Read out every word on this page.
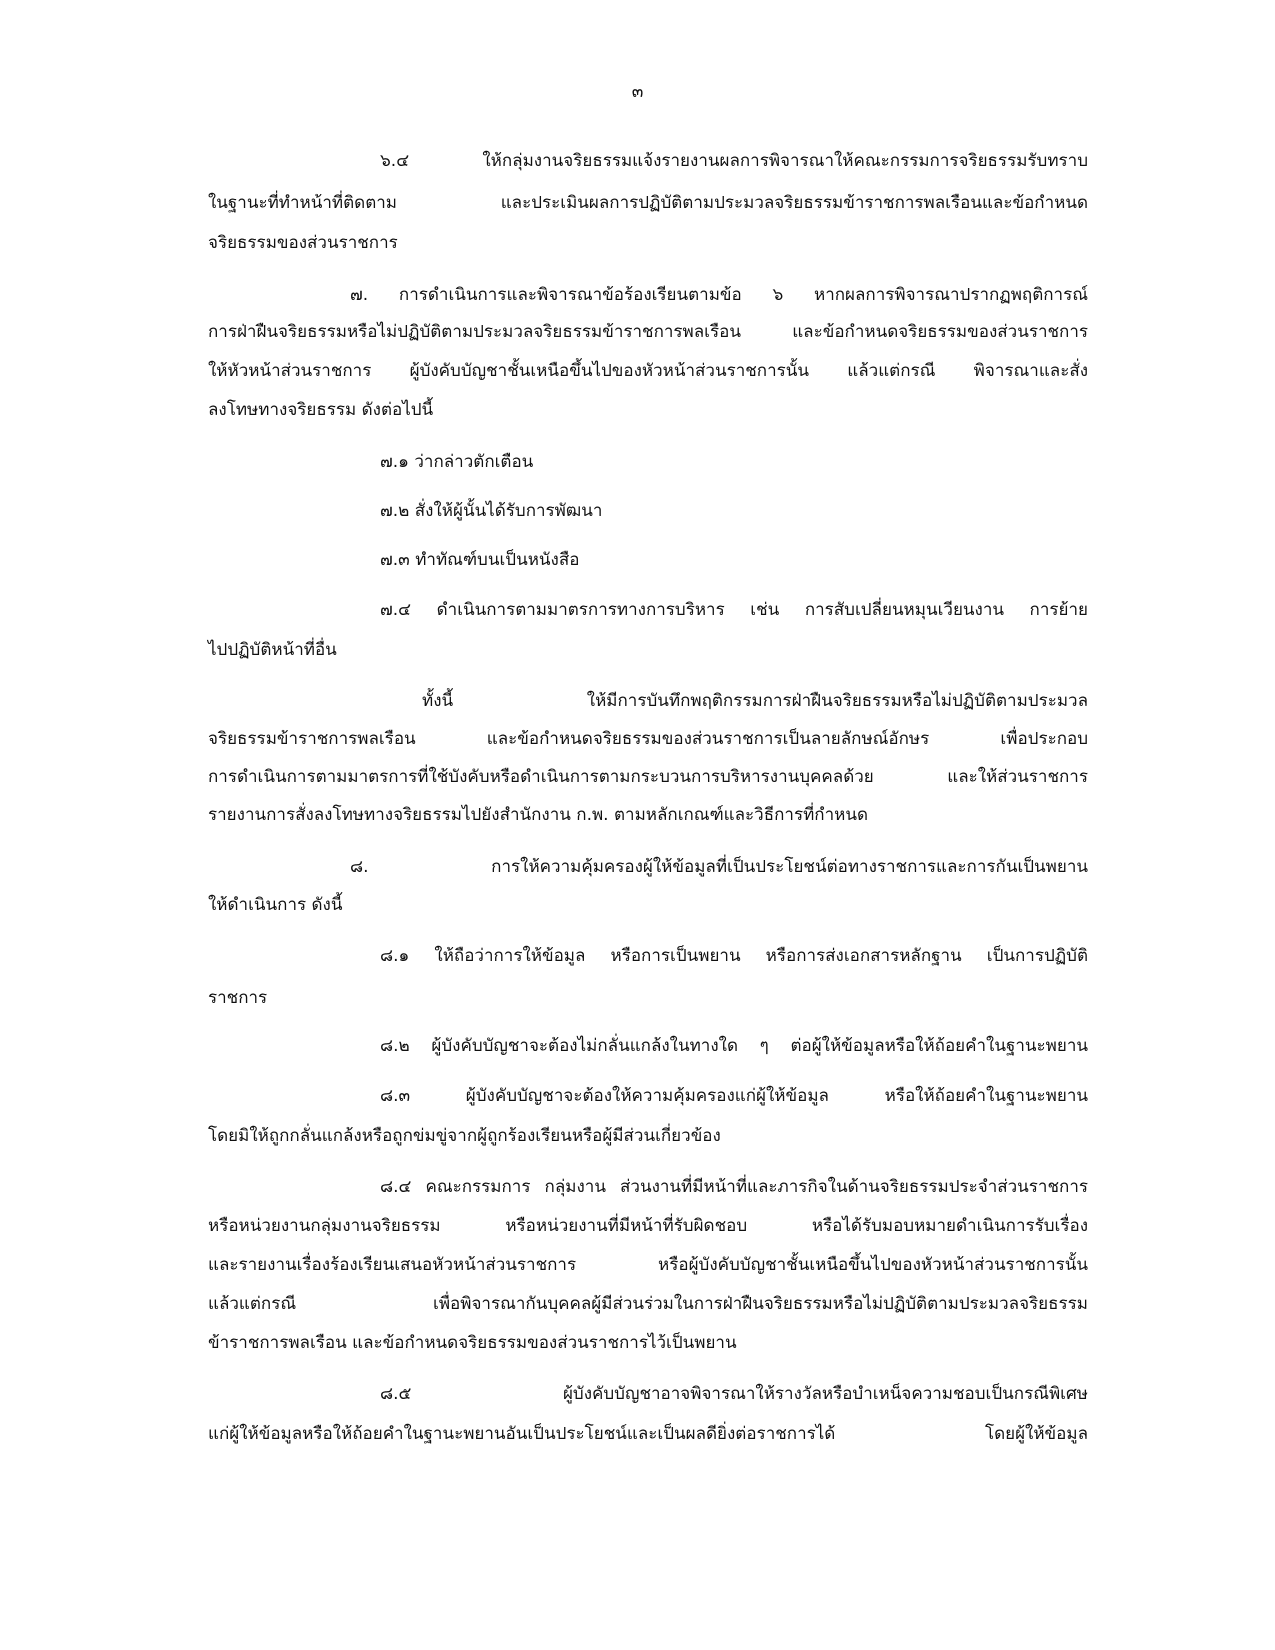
๓
๖.๔ ให้กลุ่มงานจริยธรรมแจ้งรายงานผลการพิจารณาให้คณะกรรมการจริยธรรมรับทราบ
ในฐานะที่ทำหน้าที่ติดตาม และประเมินผลการปฏิบัติตามประมวลจริยธรรมข้าราชการพลเรือนและข้อกำหนด
จริยธรรมของส่วนราชการ
๗. การดำเนินการและพิจารณาข้อร้องเรียนตามข้อ ๖ หากผลการพิจารณาปรากฏพฤติการณ์
การฝ่าฝืนจริยธรรมหรือไม่ปฏิบัติตามประมวลจริยธรรมข้าราชการพลเรือน และข้อกำหนดจริยธรรมของส่วนราชการ
ให้หัวหน้าส่วนราชการ ผู้บังคับบัญชาชั้นเหนือขึ้นไปของหัวหน้าส่วนราชการนั้น แล้วแต่กรณี พิจารณาและสั่ง
ลงโทษทางจริยธรรม ดังต่อไปนี้
๗.๑ ว่ากล่าวตักเตือน
๗.๒ สั่งให้ผู้นั้นได้รับการพัฒนา
๗.๓ ทำทัณฑ์บนเป็นหนังสือ
๗.๔ ดำเนินการตามมาตรการทางการบริหาร เช่น การสับเปลี่ยนหมุนเวียนงาน การย้าย
ไปปฏิบัติหน้าที่อื่น
ทั้งนี้ ให้มีการบันทึกพฤติกรรมการฝ่าฝืนจริยธรรมหรือไม่ปฏิบัติตามประมวล
จริยธรรมข้าราชการพลเรือน และข้อกำหนดจริยธรรมของส่วนราชการเป็นลายลักษณ์อักษร เพื่อประกอบ
การดำเนินการตามมาตรการที่ใช้บังคับหรือดำเนินการตามกระบวนการบริหารงานบุคคลด้วย และให้ส่วนราชการ
รายงานการสั่งลงโทษทางจริยธรรมไปยังสำนักงาน ก.พ. ตามหลักเกณฑ์และวิธีการที่กำหนด
๘. การให้ความคุ้มครองผู้ให้ข้อมูลที่เป็นประโยชน์ต่อทางราชการและการกันเป็นพยาน
ให้ดำเนินการ ดังนี้
๘.๑ ให้ถือว่าการให้ข้อมูล หรือการเป็นพยาน หรือการส่งเอกสารหลักฐาน เป็นการปฏิบัติ
ราชการ
๘.๒ ผู้บังคับบัญชาจะต้องไม่กลั่นแกล้งในทางใด ๆ ต่อผู้ให้ข้อมูลหรือให้ถ้อยคำในฐานะพยาน
๘.๓ ผู้บังคับบัญชาจะต้องให้ความคุ้มครองแก่ผู้ให้ข้อมูล หรือให้ถ้อยคำในฐานะพยาน
โดยมิให้ถูกกลั่นแกล้งหรือถูกข่มขู่จากผู้ถูกร้องเรียนหรือผู้มีส่วนเกี่ยวข้อง
๘.๔ คณะกรรมการ กลุ่มงาน ส่วนงานที่มีหน้าที่และภารกิจในด้านจริยธรรมประจำส่วนราชการ
หรือหน่วยงานกลุ่มงานจริยธรรม หรือหน่วยงานที่มีหน้าที่รับผิดชอบ หรือได้รับมอบหมายดำเนินการรับเรื่อง
และรายงานเรื่องร้องเรียนเสนอหัวหน้าส่วนราชการ หรือผู้บังคับบัญชาชั้นเหนือขึ้นไปของหัวหน้าส่วนราชการนั้น
แล้วแต่กรณี เพื่อพิจารณากันบุคคลผู้มีส่วนร่วมในการฝ่าฝืนจริยธรรมหรือไม่ปฏิบัติตามประมวลจริยธรรม
ข้าราชการพลเรือน และข้อกำหนดจริยธรรมของส่วนราชการไว้เป็นพยาน
๘.๕ ผู้บังคับบัญชาอาจพิจารณาให้รางวัลหรือบำเหน็จความชอบเป็นกรณีพิเศษ
แก่ผู้ให้ข้อมูลหรือให้ถ้อยคำในฐานะพยานอันเป็นประโยชน์และเป็นผลดียิ่งต่อราชการได้ โดยผู้ให้ข้อมูล
